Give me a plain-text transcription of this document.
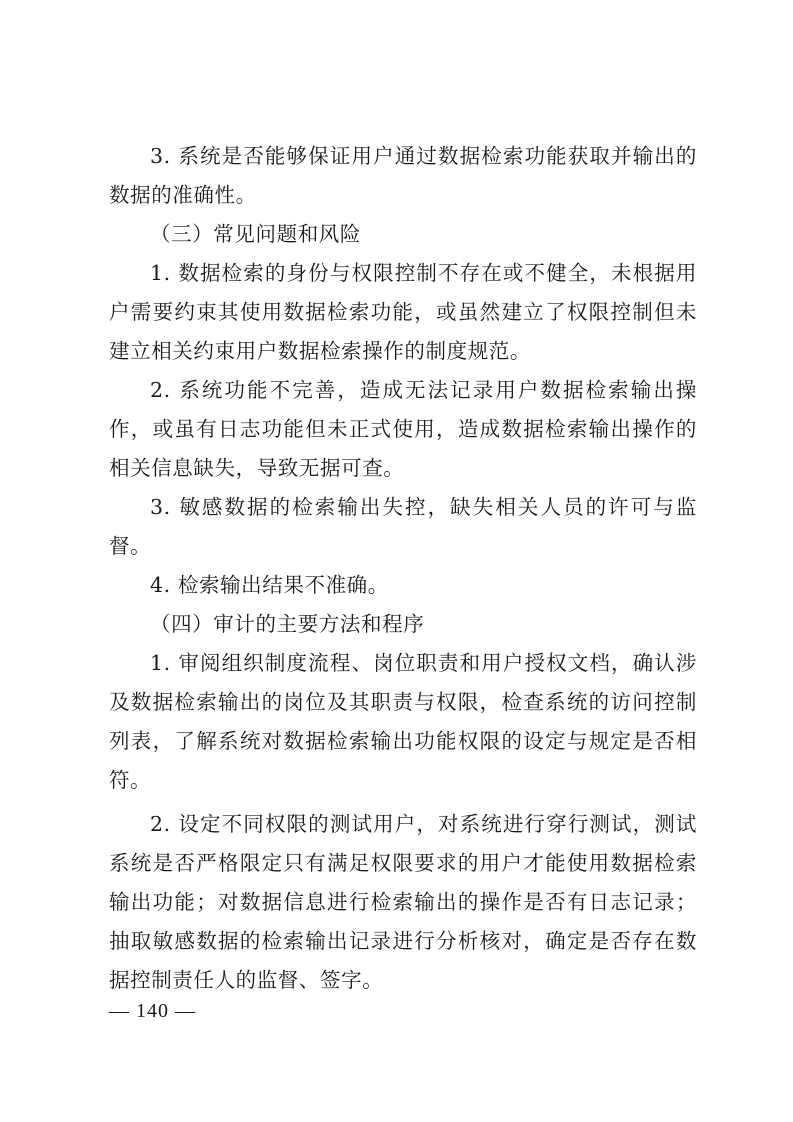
3. 系统是否能够保证用户通过数据检索功能获取并输出的数据的准确性。

（三）常见问题和风险

1. 数据检索的身份与权限控制不存在或不健全，未根据用户需要约束其使用数据检索功能，或虽然建立了权限控制但未建立相关约束用户数据检索操作的制度规范。

2. 系统功能不完善，造成无法记录用户数据检索输出操作，或虽有日志功能但未正式使用，造成数据检索输出操作的相关信息缺失，导致无据可查。

3. 敏感数据的检索输出失控，缺失相关人员的许可与监督。

4. 检索输出结果不准确。

（四）审计的主要方法和程序

1. 审阅组织制度流程、岗位职责和用户授权文档，确认涉及数据检索输出的岗位及其职责与权限，检查系统的访问控制列表，了解系统对数据检索输出功能权限的设定与规定是否相符。

2. 设定不同权限的测试用户，对系统进行穿行测试，测试系统是否严格限定只有满足权限要求的用户才能使用数据检索输出功能；对数据信息进行检索输出的操作是否有日志记录；抽取敏感数据的检索输出记录进行分析核对，确定是否存在数据控制责任人的监督、签字。

— 140 —
